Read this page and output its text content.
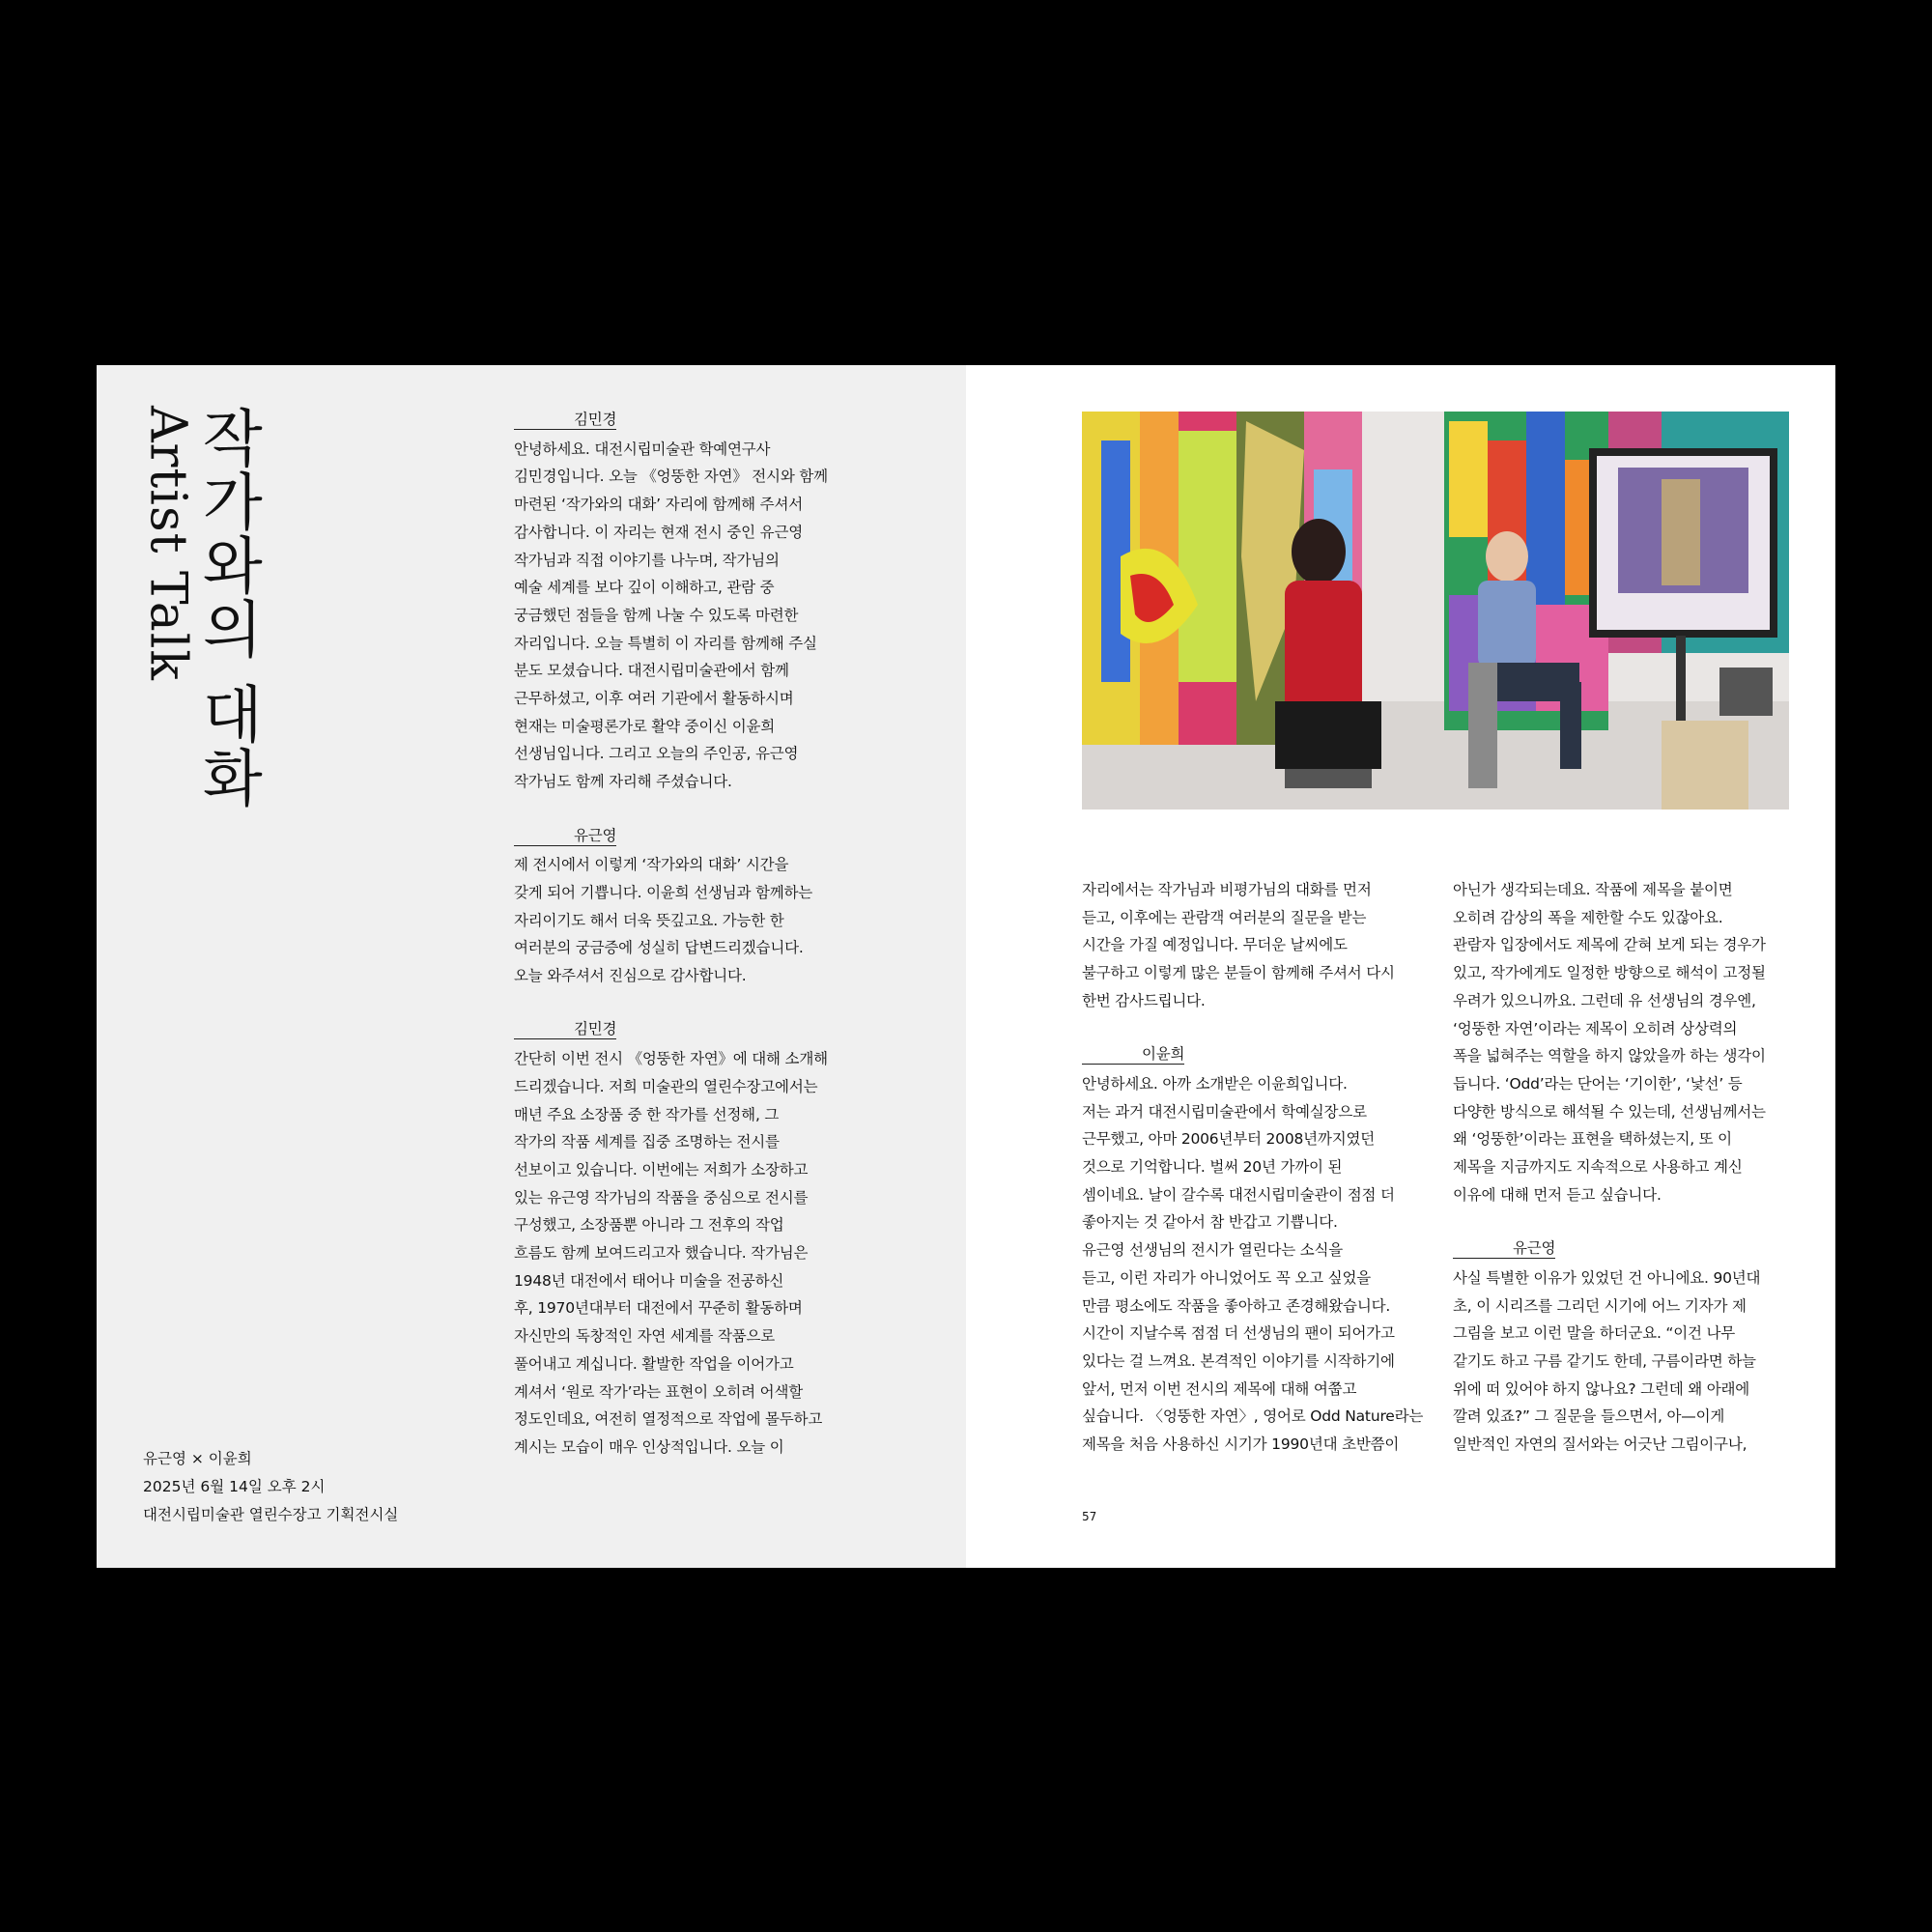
작가와의 대화
Artist Talk
유근영 × 이윤희
2025년 6월 14일 오후 2시
대전시립미술관 열린수장고 기획전시실
김민경

안녕하세요. 대전시립미술관 학예연구사

김민경입니다. 오늘 《엉뚱한 자연》 전시와 함께

마련된 ‘작가와의 대화’ 자리에 함께해 주셔서

감사합니다. 이 자리는 현재 전시 중인 유근영

작가님과 직접 이야기를 나누며, 작가님의

예술 세계를 보다 깊이 이해하고, 관람 중

궁금했던 점들을 함께 나눌 수 있도록 마련한

자리입니다. 오늘 특별히 이 자리를 함께해 주실

분도 모셨습니다. 대전시립미술관에서 함께

근무하셨고, 이후 여러 기관에서 활동하시며

현재는 미술평론가로 활약 중이신 이윤희

선생님입니다. 그리고 오늘의 주인공, 유근영

작가님도 함께 자리해 주셨습니다.

유근영

제 전시에서 이렇게 ‘작가와의 대화’ 시간을

갖게 되어 기쁩니다. 이윤희 선생님과 함께하는

자리이기도 해서 더욱 뜻깊고요. 가능한 한

여러분의 궁금증에 성실히 답변드리겠습니다.

오늘 와주셔서 진심으로 감사합니다.

김민경

간단히 이번 전시 《엉뚱한 자연》에 대해 소개해

드리겠습니다. 저희 미술관의 열린수장고에서는

매년 주요 소장품 중 한 작가를 선정해, 그

작가의 작품 세계를 집중 조명하는 전시를

선보이고 있습니다. 이번에는 저희가 소장하고

있는 유근영 작가님의 작품을 중심으로 전시를

구성했고, 소장품뿐 아니라 그 전후의 작업

흐름도 함께 보여드리고자 했습니다. 작가님은

1948년 대전에서 태어나 미술을 전공하신

후, 1970년대부터 대전에서 꾸준히 활동하며

자신만의 독창적인 자연 세계를 작품으로

풀어내고 계십니다. 활발한 작업을 이어가고

계셔서 ‘원로 작가’라는 표현이 오히려 어색할

정도인데요, 여전히 열정적으로 작업에 몰두하고

계시는 모습이 매우 인상적입니다. 오늘 이

자리에서는 작가님과 비평가님의 대화를 먼저

듣고, 이후에는 관람객 여러분의 질문을 받는

시간을 가질 예정입니다. 무더운 날씨에도

불구하고 이렇게 많은 분들이 함께해 주셔서 다시

한번 감사드립니다.

이윤희

안녕하세요. 아까 소개받은 이윤희입니다.

저는 과거 대전시립미술관에서 학예실장으로

근무했고, 아마 2006년부터 2008년까지였던

것으로 기억합니다. 벌써 20년 가까이 된

셈이네요. 날이 갈수록 대전시립미술관이 점점 더

좋아지는 것 같아서 참 반갑고 기쁩니다.

유근영 선생님의 전시가 열린다는 소식을

듣고, 이런 자리가 아니었어도 꼭 오고 싶었을

만큼 평소에도 작품을 좋아하고 존경해왔습니다.

시간이 지날수록 점점 더 선생님의 팬이 되어가고

있다는 걸 느껴요. 본격적인 이야기를 시작하기에

앞서, 먼저 이번 전시의 제목에 대해 여쭙고

싶습니다. 〈엉뚱한 자연〉, 영어로 Odd Nature라는

제목을 처음 사용하신 시기가 1990년대 초반쯤이

아닌가 생각되는데요. 작품에 제목을 붙이면

오히려 감상의 폭을 제한할 수도 있잖아요.

관람자 입장에서도 제목에 갇혀 보게 되는 경우가

있고, 작가에게도 일정한 방향으로 해석이 고정될

우려가 있으니까요. 그런데 유 선생님의 경우엔,

‘엉뚱한 자연’이라는 제목이 오히려 상상력의

폭을 넓혀주는 역할을 하지 않았을까 하는 생각이

듭니다. ‘Odd’라는 단어는 ‘기이한’, ‘낯선’ 등

다양한 방식으로 해석될 수 있는데, 선생님께서는

왜 ‘엉뚱한’이라는 표현을 택하셨는지, 또 이

제목을 지금까지도 지속적으로 사용하고 계신

이유에 대해 먼저 듣고 싶습니다.

유근영

사실 특별한 이유가 있었던 건 아니에요. 90년대

초, 이 시리즈를 그리던 시기에 어느 기자가 제

그림을 보고 이런 말을 하더군요. “이건 나무

같기도 하고 구름 같기도 한데, 구름이라면 하늘

위에 떠 있어야 하지 않나요? 그런데 왜 아래에

깔려 있죠?” 그 질문을 들으면서, 아—이게

일반적인 자연의 질서와는 어긋난 그림이구나,

57
